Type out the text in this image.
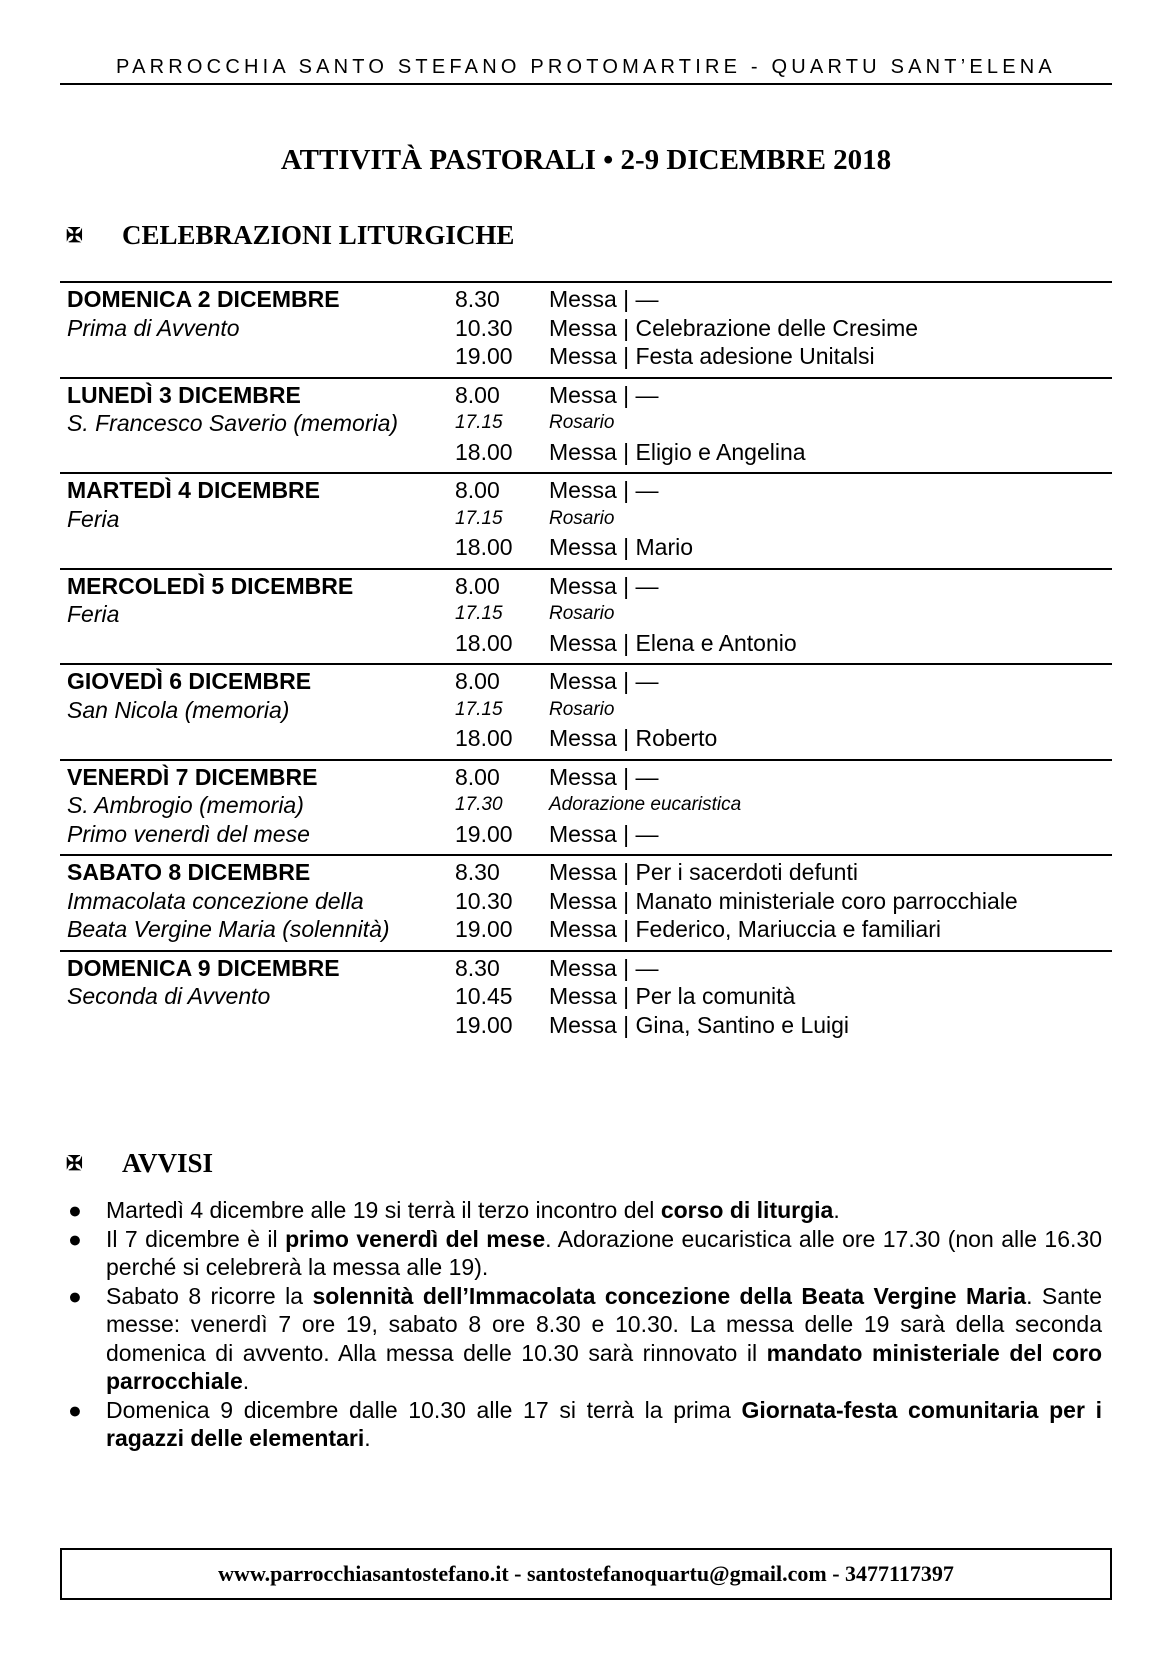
PARROCCHIA SANTO STEFANO PROTOMARTIRE - QUARTU SANT’ELENA
ATTIVITÀ PASTORALI • 2-9 DICEMBRE 2018
✠	CELEBRAZIONI LITURGICHE
DOMENICA 2 DICEMBRE	8.30	Messa | —
Prima di Avvento	10.30	Messa | Celebrazione delle Cresime
19.00	Messa | Festa adesione Unitalsi
LUNEDÌ 3 DICEMBRE	8.00	Messa | —
S. Francesco Saverio (memoria)	17.15	Rosario
18.00	Messa | Eligio e Angelina
MARTEDÌ 4 DICEMBRE	8.00	Messa | —
Feria	17.15	Rosario
18.00	Messa | Mario
MERCOLEDÌ 5 DICEMBRE	8.00	Messa | —
Feria	17.15	Rosario
18.00	Messa | Elena e Antonio
GIOVEDÌ 6 DICEMBRE	8.00	Messa | —
San Nicola (memoria)	17.15	Rosario
18.00	Messa | Roberto
VENERDÌ 7 DICEMBRE	8.00	Messa | —
S. Ambrogio (memoria)	17.30	Adorazione eucaristica
Primo venerdì del mese	19.00	Messa | —
SABATO 8 DICEMBRE	8.30	Messa | Per i sacerdoti defunti
Immacolata concezione della	10.30	Messa | Manato ministeriale coro parrocchiale
Beata Vergine Maria (solennità)	19.00	Messa | Federico, Mariuccia e familiari
DOMENICA 9 DICEMBRE	8.30	Messa | —
Seconda di Avvento	10.45	Messa | Per la comunità
19.00	Messa | Gina, Santino e Luigi
✠	AVVISI
● Martedì 4 dicembre alle 19 si terrà il terzo incontro del corso di liturgia.
● Il 7 dicembre è il primo venerdì del mese. Adorazione eucaristica alle ore 17.30 (non alle 16.30 perché si celebrerà la messa alle 19).
● Sabato 8 ricorre la solennità dell’Immacolata concezione della Beata Vergine Maria. Sante messe: venerdì 7 ore 19, sabato 8 ore 8.30 e 10.30. La messa delle 19 sarà della seconda domenica di avvento. Alla messa delle 10.30 sarà rinnovato il mandato ministeriale del coro parrocchiale.
● Domenica 9 dicembre dalle 10.30 alle 17 si terrà la prima Giornata-festa comunitaria per i ragazzi delle elementari.
www.parrocchiasantostefano.it - santostefanoquartu@gmail.com - 3477117397
